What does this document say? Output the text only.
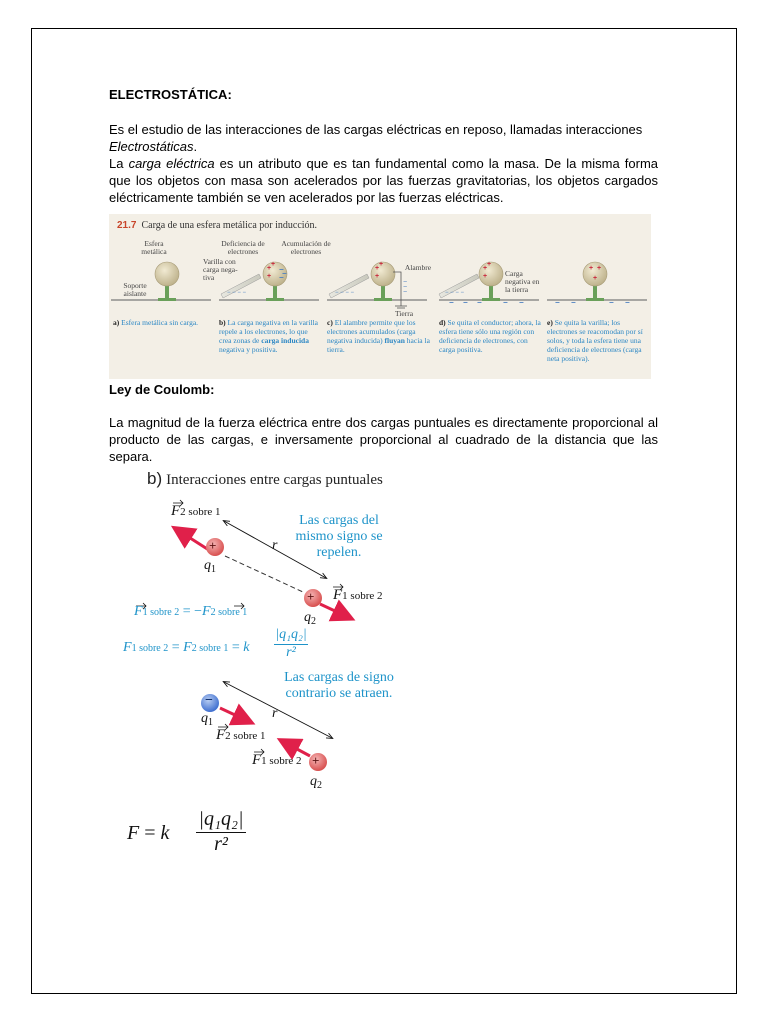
ELECTROSTÁTICA:
Es el estudio de las interacciones de las cargas eléctricas en reposo, llamadas interacciones
Electrostáticas.
La carga eléctrica es un atributo que es tan fundamental como la masa. De la misma forma que los objetos con masa son acelerados por las fuerzas gravitatorias, los objetos cargados eléctricamente también se ven acelerados por las fuerzas eléctricas.
− − − −	− − − −	− − − −
+
+
+
+
+
+
+
+
+
+ +
+
−
−
−
−
−
−
− − −	− −	− −	− −
21.7 Carga de una esfera metálica por inducción.
Esfera metálica
Soporte aislante
Deficiencia de electrones
Acumulación de electrones
Varilla con carga nega- tiva
Alambre
Tierra
Carga negativa en la tierra
a) Esfera metálica sin carga.	b) La carga negativa en la varilla repele a los electrones, lo que crea zonas de carga inducida negativa y positiva.
c) El alambre permite que los electrones acumulados (carga negativa inducida) fluyan hacia la tierra.
d) Se quita el conductor; ahora, la esfera tiene sólo una región con deficiencia de electrones, con carga positiva.
e) Se quita la varilla; los electrones se reacomodan por sí solos, y toda la esfera tiene una deficiencia de electrones (carga neta positiva).
Ley de Coulomb:
La magnitud de la fuerza eléctrica entre dos cargas puntuales es directamente proporcional al producto de las cargas, e inversamente proporcional al cuadrado de la distancia que las separa.
b) Interacciones entre cargas puntuales
+
+
−
+
F2 sobre 1
$q_1$
r
F1 sobre 2
$q_2$
Las cargas del mismo signo se repelen.
F1 sobre 2 = −F2 sobre 1
F1 sobre 2 = F2 sobre 1 = k
|q₁q₂|
r²
Las cargas de signo contrario se atraen.
$q_1$
r
F2 sobre 1
F1 sobre 2
$q_2$
F = k
|q₁q₂|
r²
